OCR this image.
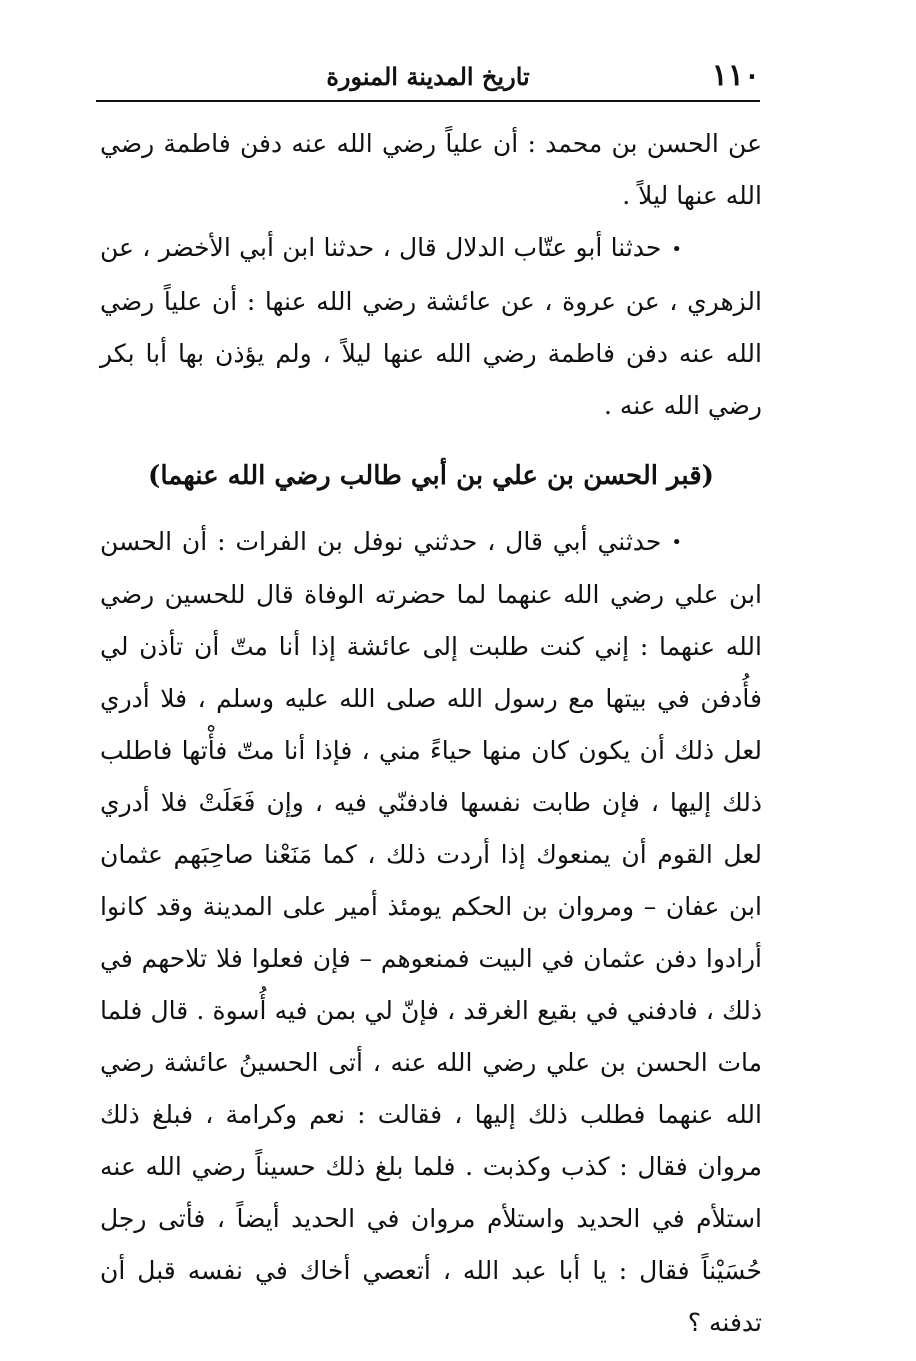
١١٠
تاريخ المدينة المنورة

عن الحسن بن محمد : أن علياً رضي الله عنه دفن فاطمة رضي الله عنها ليلاً .

•حدثنا أبو عتّاب الدلال قال ، حدثنا ابن أبي الأخضر ، عن الزهري ، عن عروة ، عن عائشة رضي الله عنها : أن علياً رضي الله عنه دفن فاطمة رضي الله عنها ليلاً ، ولم يؤذن بها أبا بكر رضي الله عنه .

(قبر الحسن بن علي بن أبي طالب رضي الله عنهما)

•حدثني أبي قال ، حدثني نوفل بن الفرات : أن الحسن ابن علي رضي الله عنهما لما حضرته الوفاة قال للحسين رضي الله عنهما : إني كنت طلبت إلى عائشة إذا أنا متّ أن تأذن لي فأُدفن في بيتها مع رسول الله صلى الله عليه وسلم ، فلا أدري لعل ذلك أن يكون كان منها حياءً مني ، فإذا أنا متّ فأْتها فاطلب ذلك إليها ، فإن طابت نفسها فادفنّي فيه ، وإن فَعَلَتْ فلا أدري لعل القوم أن يمنعوك إذا أردت ذلك ، كما مَنَعْنا صاحِبَهم عثمان ابن عفان – ومروان بن الحكم يومئذ أمير على المدينة وقد كانوا أرادوا دفن عثمان في البيت فمنعوهم – فإن فعلوا فلا تلاحهم في ذلك ، فادفني في بقيع الغرقد ، فإنّ لي بمن فيه أُسوة . قال فلما مات الحسن بن علي رضي الله عنه ، أتى الحسينُ عائشة رضي الله عنهما فطلب ذلك إليها ، فقالت : نعم وكرامة ، فبلغ ذلك مروان فقال : كذب وكذبت . فلما بلغ ذلك حسيناً رضي الله عنه استلأم في الحديد واستلأم مروان في الحديد أيضاً ، فأتى رجل حُسَيْناً فقال : يا أبا عبد الله ، أتعصي أخاك في نفسه قبل أن تدفنه ؟
